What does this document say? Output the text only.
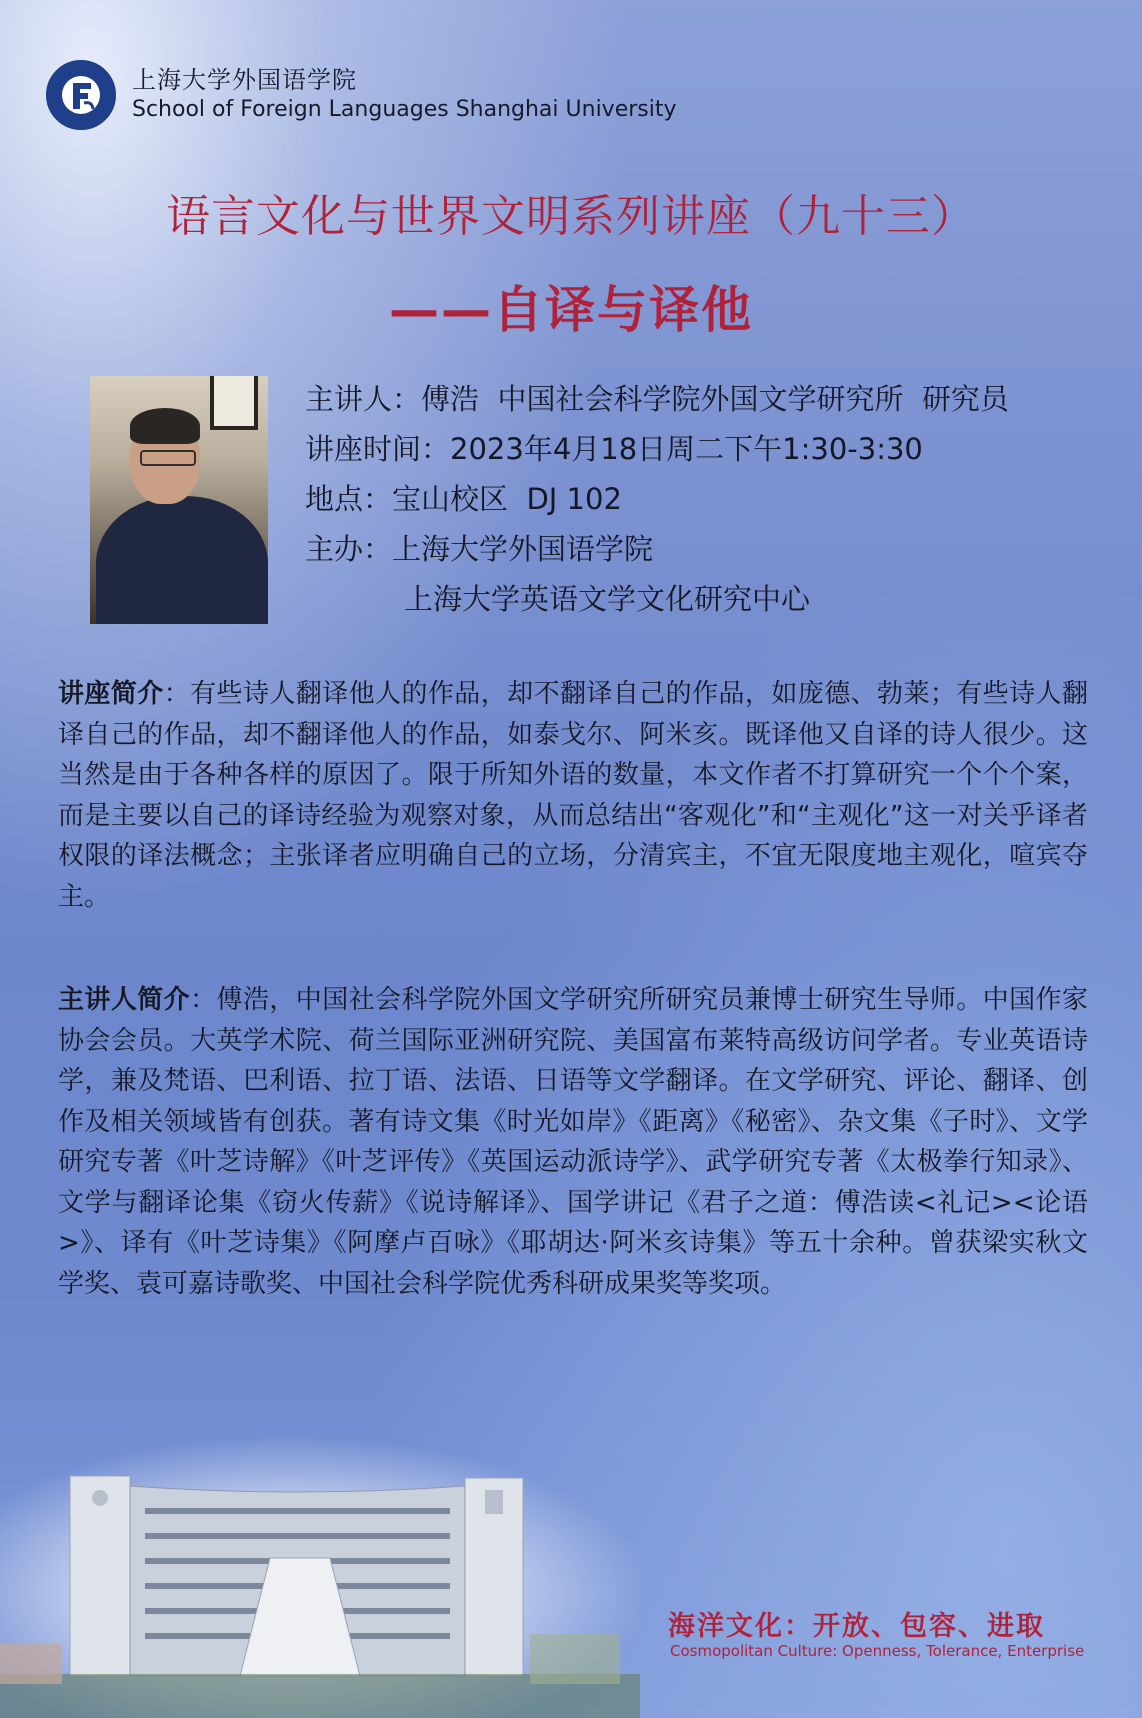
上海大学外国语学院
School of Foreign Languages Shanghai University
语言文化与世界文明系列讲座（九十三）
——自译与译他
主讲人：傅浩  中国社会科学院外国文学研究所  研究员
讲座时间：2023年4月18日周二下午1:30-3:30
地点：宝山校区  DJ 102
主办：上海大学外国语学院
上海大学英语文学文化研究中心
讲座简介：有些诗人翻译他人的作品，却不翻译自己的作品，如庞德、勃莱；有些诗人翻译自己的作品，却不翻译他人的作品，如泰戈尔、阿米亥。既译他又自译的诗人很少。这当然是由于各种各样的原因了。限于所知外语的数量，本文作者不打算研究一个个个案，而是主要以自己的译诗经验为观察对象，从而总结出“客观化”和“主观化”这一对关乎译者权限的译法概念；主张译者应明确自己的立场，分清宾主，不宜无限度地主观化，喧宾夺主。
主讲人简介：傅浩，中国社会科学院外国文学研究所研究员兼博士研究生导师。中国作家协会会员。大英学术院、荷兰国际亚洲研究院、美国富布莱特高级访问学者。专业英语诗学，兼及梵语、巴利语、拉丁语、法语、日语等文学翻译。在文学研究、评论、翻译、创作及相关领域皆有创获。著有诗文集《时光如岸》《距离》《秘密》、杂文集《子时》、文学研究专著《叶芝诗解》《叶芝评传》《英国运动派诗学》、武学研究专著《太极拳行知录》、文学与翻译论集《窃火传薪》《说诗解译》、国学讲记《君子之道：傅浩读<礼记><论语>》、译有《叶芝诗集》《阿摩卢百咏》《耶胡达·阿米亥诗集》等五十余种。曾获梁实秋文学奖、袁可嘉诗歌奖、中国社会科学院优秀科研成果奖等奖项。
海洋文化：开放、包容、进取
Cosmopolitan Culture: Openness, Tolerance, Enterprise
